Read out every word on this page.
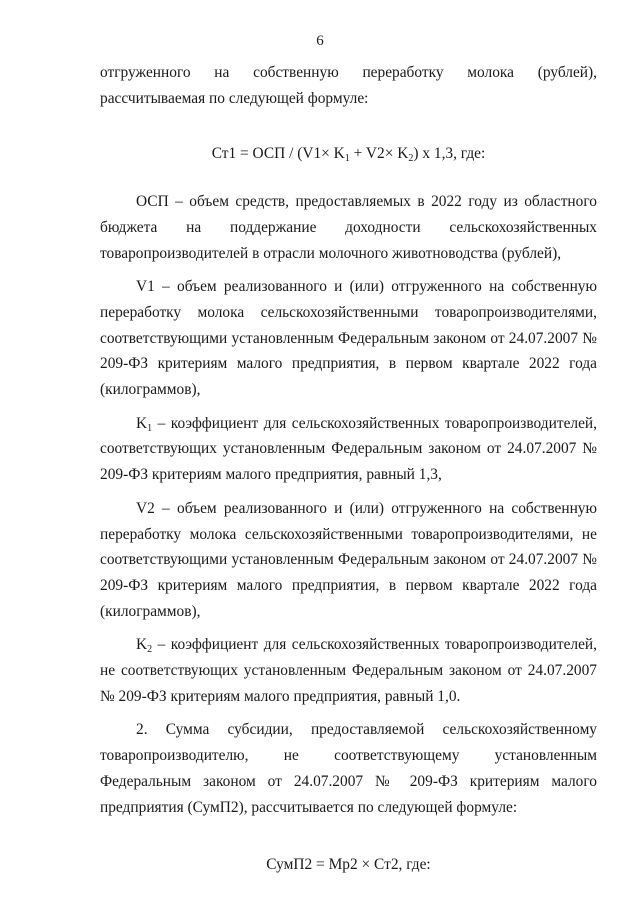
6

отгруженного на собственную переработку молока (рублей), рассчитываемая по следующей формуле:

Ст1 = ОСП / $(V1\times K_1 + V2\times K_2)$ х 1,3, где:

ОСП – объем средств, предоставляемых в 2022 году из областного бюджета на поддержание доходности сельскохозяйственных товаропроизводителей в отрасли молочного животноводства (рублей),

V1 – объем реализованного и (или) отгруженного на собственную переработку молока сельскохозяйственными товаропроизводителями, соответствующими установленным Федеральным законом от 24.07.2007 № 209-ФЗ критериям малого предприятия, в первом квартале 2022 года (килограммов),

$K_1$ – коэффициент для сельскохозяйственных товаропроизводителей, соответствующих установленным Федеральным законом от 24.07.2007 № 209-ФЗ критериям малого предприятия, равный 1,3,

V2 – объем реализованного и (или) отгруженного на собственную переработку молока сельскохозяйственными товаропроизводителями, не соответствующими установленным Федеральным законом от 24.07.2007 № 209-ФЗ критериям малого предприятия, в первом квартале 2022 года (килограммов),

$K_2$ – коэффициент для сельскохозяйственных товаропроизводителей, не соответствующих установленным Федеральным законом от 24.07.2007 № 209-ФЗ критериям малого предприятия, равный 1,0.

2. Сумма субсидии, предоставляемой сельскохозяйственному товаропроизводителю, не соответствующему установленным Федеральным законом от 24.07.2007 № 209-ФЗ критериям малого предприятия (СумП2), рассчитывается по следующей формуле:

СумП2 = Мр2 × Ст2, где:
